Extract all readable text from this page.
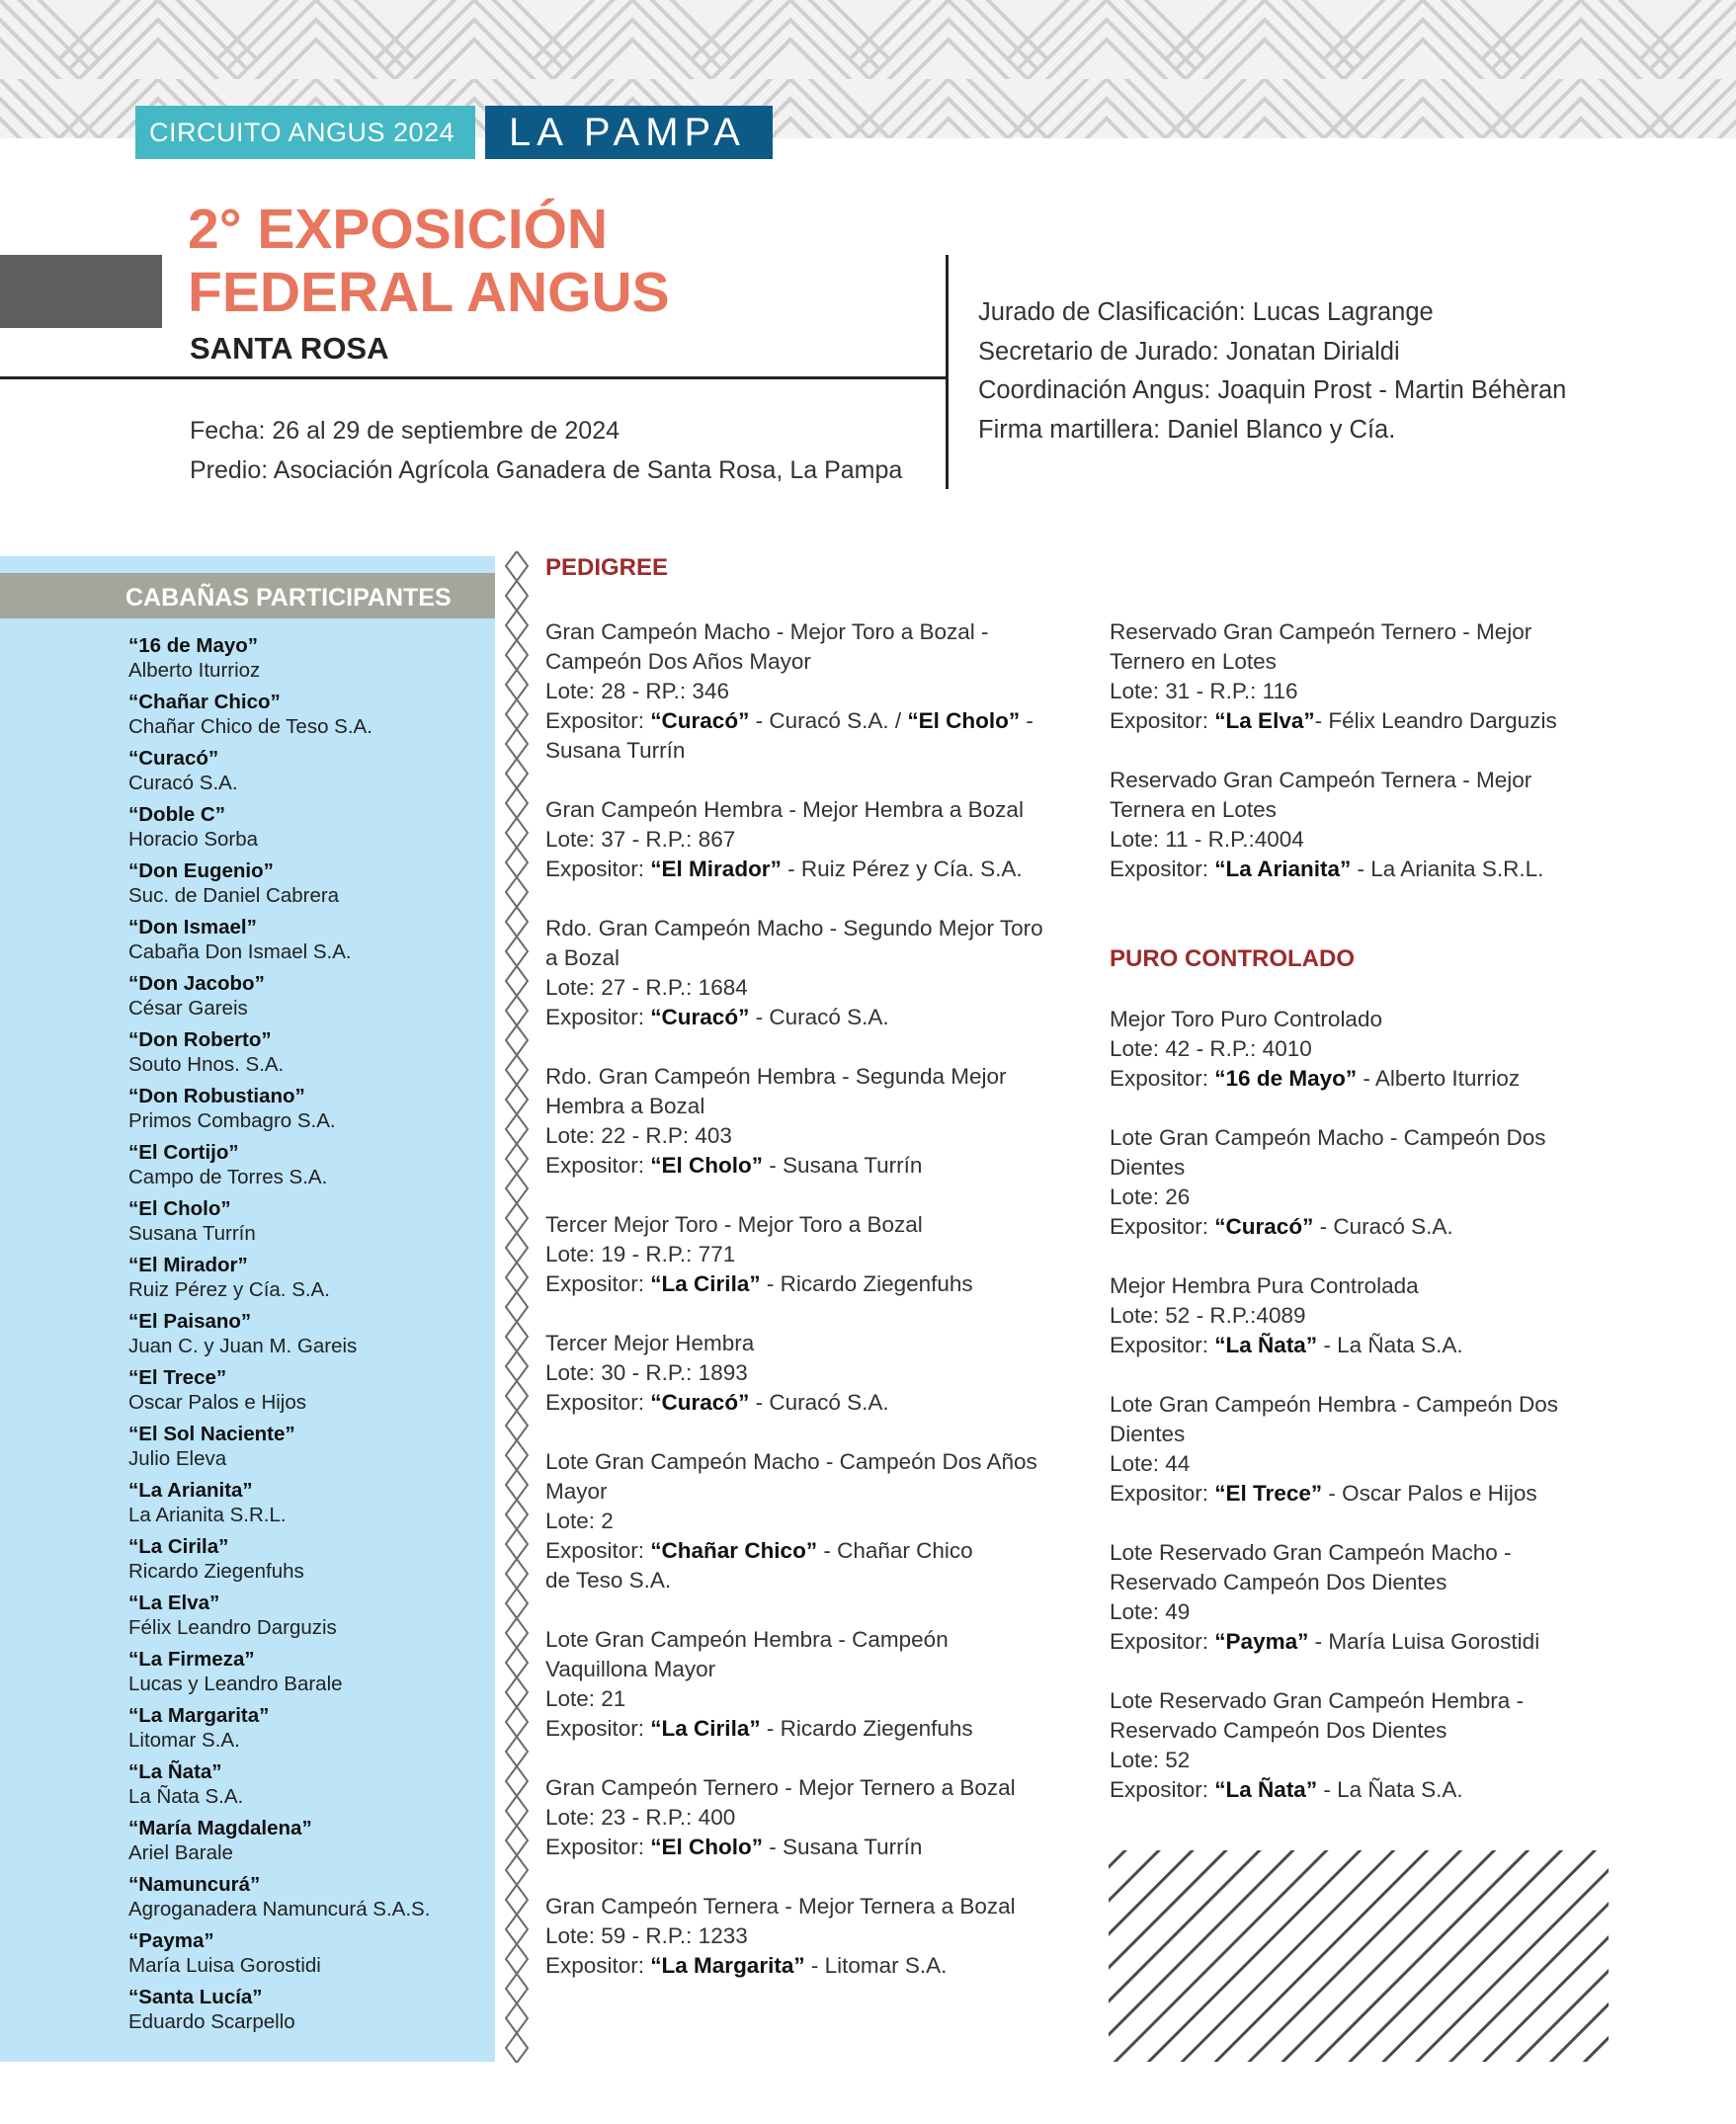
CIRCUITO ANGUS 2024	LA PAMPA
2° EXPOSICIÓN
FEDERAL ANGUS
SANTA ROSA
Fecha: 26 al 29 de septiembre de 2024
Predio: Asociación Agrícola Ganadera de Santa Rosa, La Pampa
Jurado de Clasificación: Lucas Lagrange
Secretario de Jurado: Jonatan Dirialdi
Coordinación Angus: Joaquin Prost - Martin Béhèran
Firma martillera: Daniel Blanco y Cía.
CABAÑAS PARTICIPANTES
“16 de Mayo”
Alberto Iturrioz
“Chañar Chico”
Chañar Chico de Teso S.A.
“Curacó”
Curacó S.A.
“Doble C”
Horacio Sorba
“Don Eugenio”
Suc. de Daniel Cabrera
“Don Ismael”
Cabaña Don Ismael S.A.
“Don Jacobo”
César Gareis
“Don Roberto”
Souto Hnos. S.A.
“Don Robustiano”
Primos Combagro S.A.
“El Cortijo”
Campo de Torres S.A.
“El Cholo”
Susana Turrín
“El Mirador”
Ruiz Pérez y Cía. S.A.
“El Paisano”
Juan C. y Juan M. Gareis
“El Trece”
Oscar Palos e Hijos
“El Sol Naciente”
Julio Eleva
“La Arianita”
La Arianita S.R.L.
“La Cirila”
Ricardo Ziegenfuhs
“La Elva”
Félix Leandro Darguzis
“La Firmeza”
Lucas y Leandro Barale
“La Margarita”
Litomar S.A.
“La Ñata”
La Ñata S.A.
“María Magdalena”
Ariel Barale
“Namuncurá”
Agroganadera Namuncurá S.A.S.
“Payma”
María Luisa Gorostidi
“Santa Lucía”
Eduardo Scarpello
PEDIGREE
Gran Campeón Macho - Mejor Toro a Bozal -
Campeón Dos Años Mayor
Lote: 28 - RP.: 346
Expositor: “Curacó” - Curacó S.A. / “El Cholo” -
Susana Turrín
Gran Campeón Hembra - Mejor Hembra a Bozal
Lote: 37 - R.P.: 867
Expositor: “El Mirador” - Ruiz Pérez y Cía. S.A.
Rdo. Gran Campeón Macho - Segundo Mejor Toro
a Bozal
Lote: 27 - R.P.: 1684
Expositor: “Curacó” - Curacó S.A.
Rdo. Gran Campeón Hembra - Segunda Mejor
Hembra a Bozal
Lote: 22 - R.P: 403
Expositor: “El Cholo” - Susana Turrín
Tercer Mejor Toro - Mejor Toro a Bozal
Lote: 19 - R.P.: 771
Expositor: “La Cirila” - Ricardo Ziegenfuhs
Tercer Mejor Hembra
Lote: 30 - R.P.: 1893
Expositor: “Curacó” - Curacó S.A.
Lote Gran Campeón Macho - Campeón Dos Años
Mayor
Lote: 2
Expositor: “Chañar Chico” - Chañar Chico
de Teso S.A.
Lote Gran Campeón Hembra - Campeón
Vaquillona Mayor
Lote: 21
Expositor: “La Cirila” - Ricardo Ziegenfuhs
Gran Campeón Ternero - Mejor Ternero a Bozal
Lote: 23 - R.P.: 400
Expositor: “El Cholo” - Susana Turrín
Gran Campeón Ternera - Mejor Ternera a Bozal
Lote: 59 - R.P.: 1233
Expositor: “La Margarita” - Litomar S.A.
Reservado Gran Campeón Ternero - Mejor
Ternero en Lotes
Lote: 31 - R.P.: 116
Expositor: “La Elva”- Félix Leandro Darguzis
Reservado Gran Campeón Ternera - Mejor
Ternera en Lotes
Lote: 11 - R.P.:4004
Expositor: “La Arianita” - La Arianita S.R.L.
PURO CONTROLADO
Mejor Toro Puro Controlado
Lote: 42 - R.P.: 4010
Expositor: “16 de Mayo” - Alberto Iturrioz
Lote Gran Campeón Macho - Campeón Dos
Dientes
Lote: 26
Expositor: “Curacó” - Curacó S.A.
Mejor Hembra Pura Controlada
Lote: 52 - R.P.:4089
Expositor: “La Ñata” - La Ñata S.A.
Lote Gran Campeón Hembra - Campeón Dos
Dientes
Lote: 44
Expositor: “El Trece” - Oscar Palos e Hijos
Lote Reservado Gran Campeón Macho -
Reservado Campeón Dos Dientes
Lote: 49
Expositor: “Payma” - María Luisa Gorostidi
Lote Reservado Gran Campeón Hembra -
Reservado Campeón Dos Dientes
Lote: 52
Expositor: “La Ñata” - La Ñata S.A.
